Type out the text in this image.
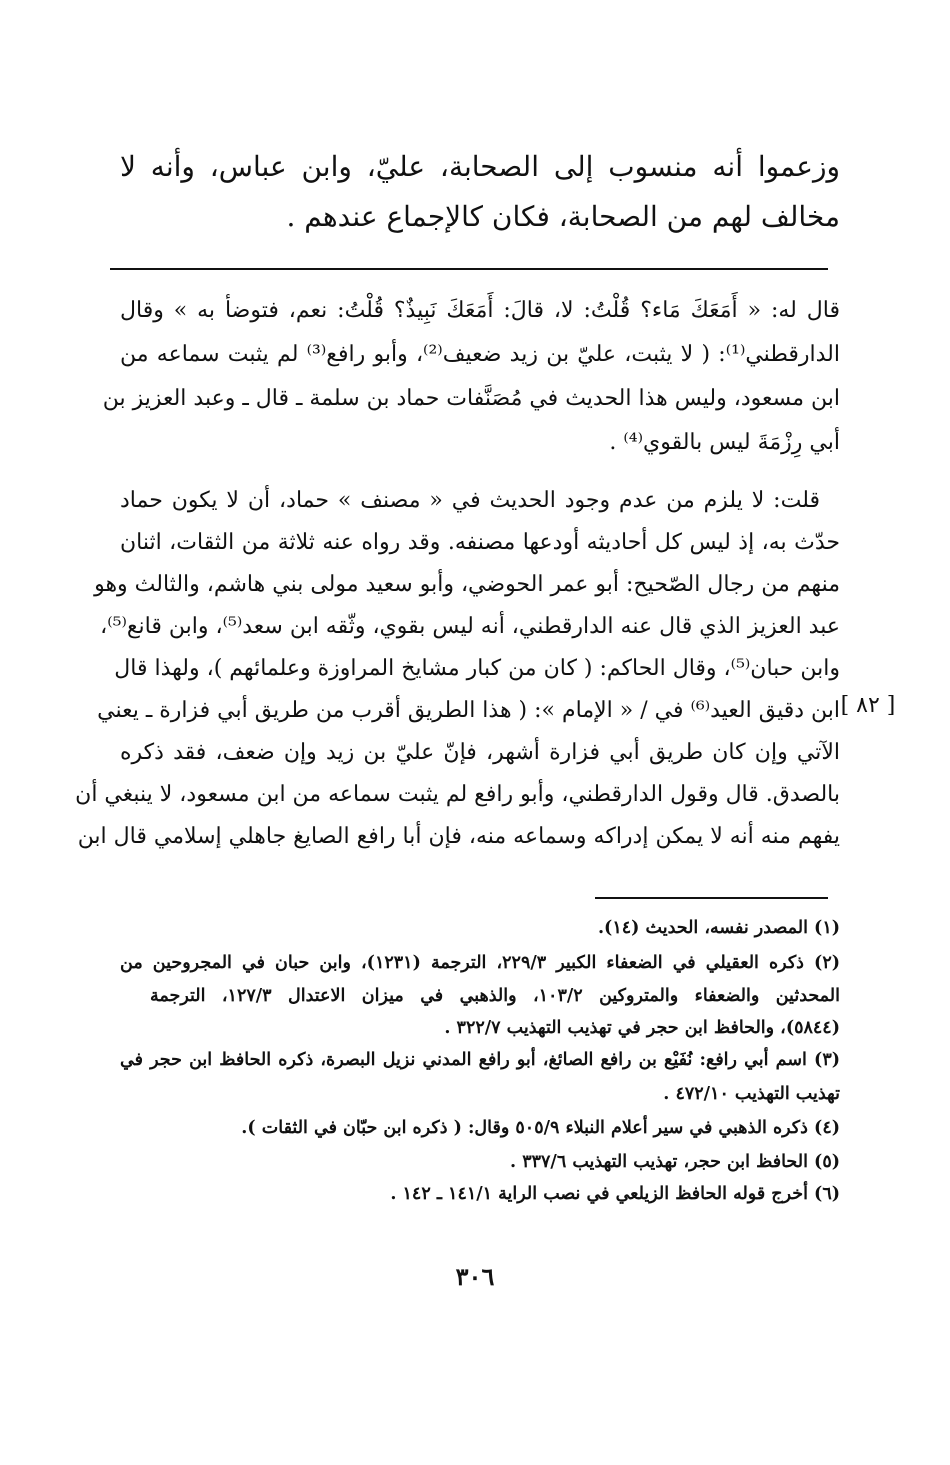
وزعموا أنه منسوب إلى الصحابة، عليّ، وابن عباس، وأنه لا
مخالف لهم من الصحابة، فكان كالإجماع عندهم .
قال له: « أَمَعَكَ مَاء؟ قُلْتُ: لا، قالَ: أَمَعَكَ نَبِيذٌ؟ قُلْتُ: نعم، فتوضأ به » وقال
الدارقطني⁽¹⁾: ( لا يثبت، عليّ بن زيد ضعيف⁽²⁾، وأبو رافع⁽³⁾ لم يثبت سماعه من
ابن مسعود، وليس هذا الحديث في مُصَنَّفات حماد بن سلمة ـ قال ـ وعبد العزيز بن
أبي رِزْمَةَ ليس بالقوي⁽⁴⁾ .
قلت: لا يلزم من عدم وجود الحديث في « مصنف » حماد، أن لا يكون حماد
حدّث به، إذ ليس كل أحاديثه أودعها مصنفه. وقد رواه عنه ثلاثة من الثقات، اثنان
منهم من رجال الصّحيح: أبو عمر الحوضي، وأبو سعيد مولى بني هاشم، والثالث وهو
عبد العزيز الذي قال عنه الدارقطني، أنه ليس بقوي، وثّقه ابن سعد⁽⁵⁾، وابن قانع⁽⁵⁾،
وابن حبان⁽⁵⁾، وقال الحاكم: ( كان من كبار مشايخ المراوزة وعلمائهم )، ولهذا قال
ابن دقيق العيد⁽⁶⁾ في / « الإمام »: ( هذا الطريق أقرب من طريق أبي فزارة ـ يعني
الآتي وإن كان طريق أبي فزارة أشهر، فإنّ عليّ بن زيد وإن ضعف، فقد ذكره
بالصدق. قال وقول الدارقطني، وأبو رافع لم يثبت سماعه من ابن مسعود، لا ينبغي أن
يفهم منه أنه لا يمكن إدراكه وسماعه منه، فإن أبا رافع الصايغ جاهلي إسلامي قال ابن
[ ٨٢ ]
(١) المصدر نفسه، الحديث (١٤).
(٢) ذكره العقيلي في الضعفاء الكبير ٢٢٩/٣، الترجمة (١٢٣١)، وابن حبان في المجروحين من
المحدثين والضعفاء والمتروكين ١٠٣/٢، والذهبي في ميزان الاعتدال ١٢٧/٣، الترجمة
(٥٨٤٤)، والحافظ ابن حجر في تهذيب التهذيب ٣٢٢/٧ .
(٣) اسم أبي رافع: نُفَيْع بن رافع الصائغ، أبو رافع المدني نزيل البصرة، ذكره الحافظ ابن حجر في
تهذيب التهذيب ٤٧٢/١٠ .
(٤) ذكره الذهبي في سير أعلام النبلاء ٥٠٥/٩ وقال: ( ذكره ابن حبّان في الثقات ).
(٥) الحافظ ابن حجر، تهذيب التهذيب ٣٣٧/٦ .
(٦) أخرج قوله الحافظ الزيلعي في نصب الراية ١٤١/١ ـ ١٤٢ .
٣٠٦
